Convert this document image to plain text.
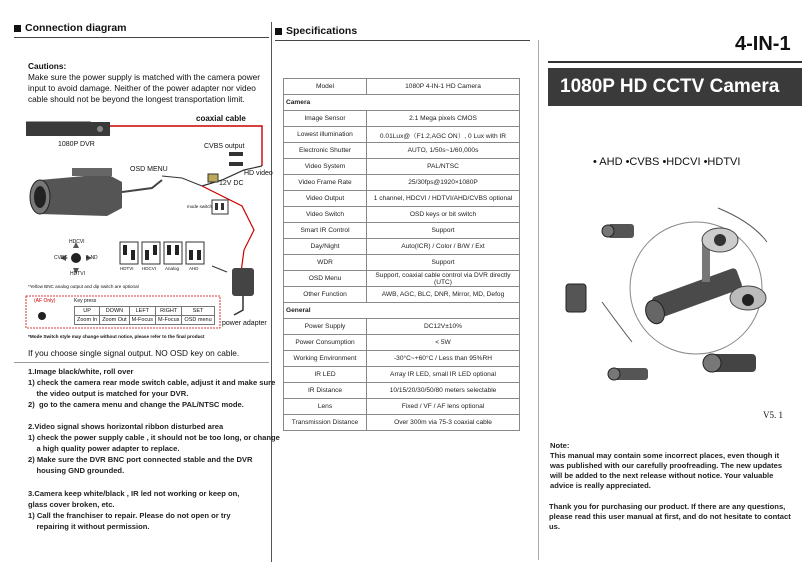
Connection diagram
Cautions:
Make sure the power supply is matched with the camera power input to avoid damage. Neither of the power adapter nor video cable should not be beyond the longest transportation limit.
coaxial cable
1080P DVR	CVBS output
OSD MENU
HD video
12V DC
mode switch
power adapter
HDCVI
CVBS	4-ND
HDTVI
HDTVI HDCVI Analog AHD
*Yellow BNC analog output and dip switch are optional
(AF Only)	Key press
UP	DOWN	LEFT	RIGHT	SET
Zoom In	Zoom Out	M-Focus	M-Focus	OSD menu
*Mode Switch style may change without notice, please refer to the final product
If you choose single signal output. NO OSD key on cable.
1.Image black/white, roll over
1) check the camera rear mode switch cable, adjust it and make sure
the video output is matched for your DVR.
2)  go to the camera menu and change the PAL/NTSC mode.
2.Video signal shows horizontal ribbon disturbed area
1) check the power supply cable , it should not be too long, or change
a high quality power adapter to replace.
2) Make sure the DVR BNC port connected stable and the DVR
housing GND grounded.
3.Camera keep white/black , IR led not working or keep on,
glass cover broken, etc.
1) Call the franchiser to repair. Please do not open or try
repairing it without permission.
Specifications
Model	1080P 4-IN-1 HD Camera
Camera	
Image Sensor	2.1 Mega pixels CMOS
Lowest illumination	0.01Lux@（F1.2,AGC ON）, 0 Lux with IR
Electronic Shutter	AUTO, 1/50s~1/60,000s
Video System	PAL/NTSC
Video Frame Rate	25/30fps@1920×1080P
Video Output	1 channel, HDCVI / HDTVI/AHD/CVBS optional
Video Switch	OSD keys or bit switch
Smart IR Control	Support
Day/Night	Auto(ICR) / Color / B/W / Ext
WDR	Support
OSD Menu	Support, coaxial cable control via DVR directly (UTC)
Other Function	AWB, AGC, BLC, DNR, Mirror, MD, Defog
General	
Power Supply	DC12V±10%
Power Consumption	< 5W
Working Environment	-30°C~+60°C / Less than 95%RH
IR LED	Array IR LED, small IR LED optional
IR Distance	10/15/20/30/50/80 meters selectable
Lens	Fixed / VF / AF lens optional
Transmission Distance	Over 300m via 75-3 coaxial cable
4-IN-1
1080P HD CCTV Camera
• AHD •CVBS •HDCVI •HDTVI
V5. 1
Note:
This manual may contain some incorrect places, even though it was published with our carefully proofreading. The new updates will be added to the next release without notice. Your valuable advice is really appreciated.
Thank you for purchasing our product. If there are any questions, please read this user manual at first, and do not hesitate to contact us.
